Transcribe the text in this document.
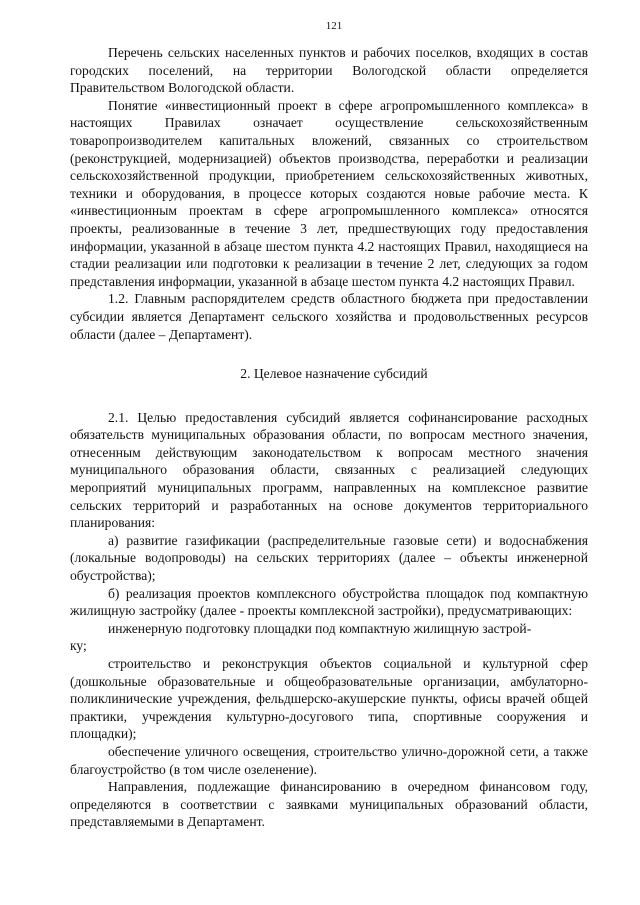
121

Перечень сельских населенных пунктов и рабочих поселков, входящих в состав городских поселений, на территории Вологодской области определяется Правительством Вологодской области.

Понятие «инвестиционный проект в сфере агропромышленного комплекса» в настоящих Правилах означает осуществление сельскохозяйственным товаропроизводителем капитальных вложений, связанных со строительством (реконструкцией, модернизацией) объектов производства, переработки и реализации сельскохозяйственной продукции, приобретением сельскохозяйственных животных, техники и оборудования, в процессе которых создаются новые рабочие места. К «инвестиционным проектам в сфере агропромышленного комплекса» относятся проекты, реализованные в течение 3 лет, предшествующих году предоставления информации, указанной в абзаце шестом пункта 4.2 настоящих Правил, находящиеся на стадии реализации или подготовки к реализации в течение 2 лет, следующих за годом представления информации, указанной в абзаце шестом пункта 4.2 настоящих Правил.

1.2. Главным распорядителем средств областного бюджета при предоставлении субсидии является Департамент сельского хозяйства и продовольственных ресурсов области (далее – Департамент).

2. Целевое назначение субсидий

2.1. Целью предоставления субсидий является софинансирование расходных обязательств муниципальных образования области, по вопросам местного значения, отнесенным действующим законодательством к вопросам местного значения муниципального образования области, связанных с реализацией следующих мероприятий муниципальных программ, направленных на комплексное развитие сельских территорий и разработанных на основе документов территориального планирования:

а) развитие газификации (распределительные газовые сети) и водоснабжения (локальные водопроводы) на сельских территориях (далее – объекты инженерной обустройства);

б) реализация проектов комплексного обустройства площадок под компактную жилищную застройку (далее - проекты комплексной застройки), предусматривающих:

инженерную подготовку площадки под компактную жилищную застрой-

ку;

строительство и реконструкция объектов социальной и культурной сфер (дошкольные образовательные и общеобразовательные организации, амбулаторно-поликлинические учреждения, фельдшерско-акушерские пункты, офисы врачей общей практики, учреждения культурно-досугового типа, спортивные сооружения и площадки);

обеспечение уличного освещения, строительство улично-дорожной сети, а также благоустройство (в том числе озеленение).

Направления, подлежащие финансированию в очередном финансовом году, определяются в соответствии с заявками муниципальных образований области, представляемыми в Департамент.
